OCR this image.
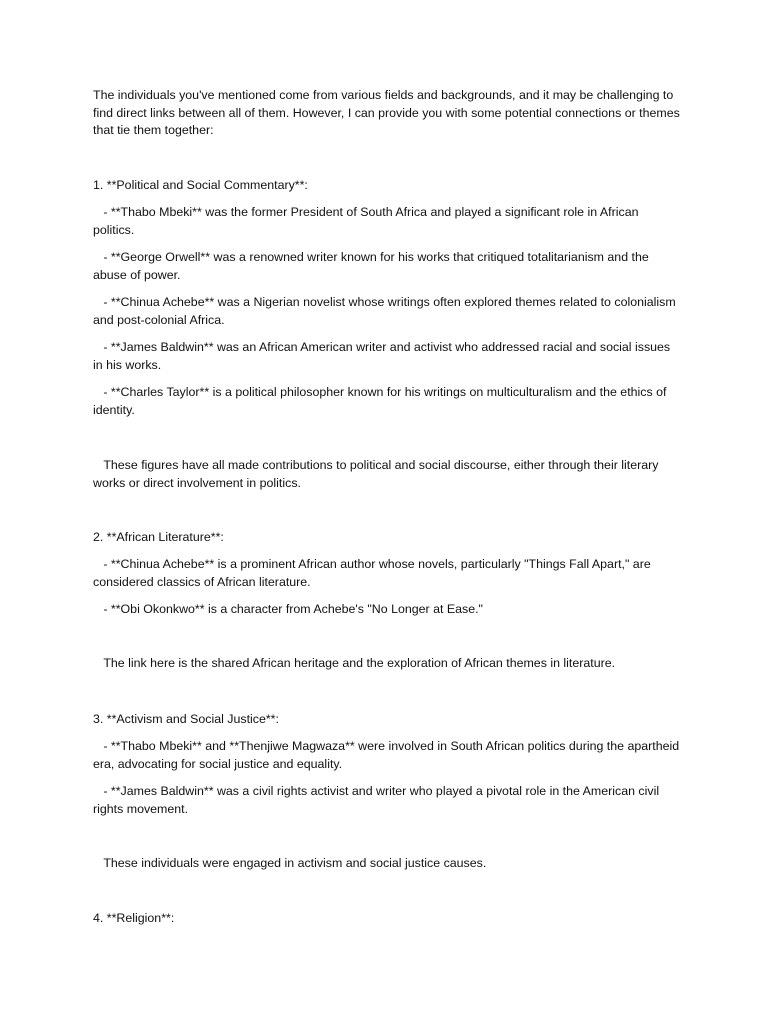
The individuals you've mentioned come from various fields and backgrounds, and it may be challenging to find direct links between all of them. However, I can provide you with some potential connections or themes that tie them together:

1. **Political and Social Commentary**:

- **Thabo Mbeki** was the former President of South Africa and played a significant role in African politics.

- **George Orwell** was a renowned writer known for his works that critiqued totalitarianism and the abuse of power.

- **Chinua Achebe** was a Nigerian novelist whose writings often explored themes related to colonialism and post-colonial Africa.

- **James Baldwin** was an African American writer and activist who addressed racial and social issues in his works.

- **Charles Taylor** is a political philosopher known for his writings on multiculturalism and the ethics of identity.

These figures have all made contributions to political and social discourse, either through their literary works or direct involvement in politics.

2. **African Literature**:

- **Chinua Achebe** is a prominent African author whose novels, particularly "Things Fall Apart," are considered classics of African literature.

- **Obi Okonkwo** is a character from Achebe's "No Longer at Ease."

The link here is the shared African heritage and the exploration of African themes in literature.

3. **Activism and Social Justice**:

- **Thabo Mbeki** and **Thenjiwe Magwaza** were involved in South African politics during the apartheid era, advocating for social justice and equality.

- **James Baldwin** was a civil rights activist and writer who played a pivotal role in the American civil rights movement.

These individuals were engaged in activism and social justice causes.

4. **Religion**:
